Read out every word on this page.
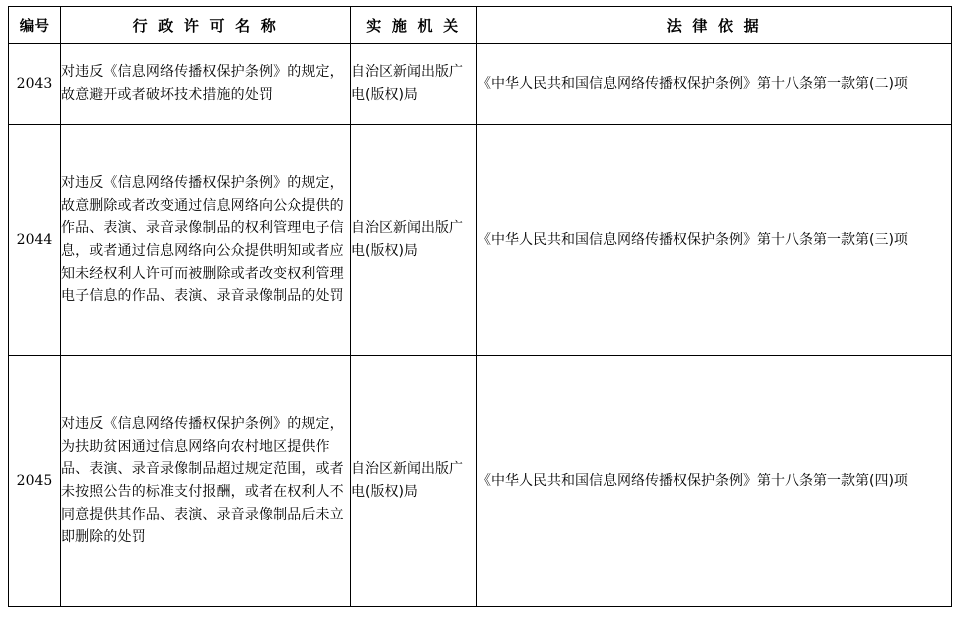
编号	行 政 许 可 名 称	实 施 机 关	法 律 依 据
2043	对违反《信息网络传播权保护条例》的规定，故意避开或者破坏技术措施的处罚	自治区新闻出版广电(版权)局	《中华人民共和国信息网络传播权保护条例》第十八条第一款第(二)项
2044	对违反《信息网络传播权保护条例》的规定，故意删除或者改变通过信息网络向公众提供的作品、表演、录音录像制品的权利管理电子信息，或者通过信息网络向公众提供明知或者应知未经权利人许可而被删除或者改变权利管理电子信息的作品、表演、录音录像制品的处罚	自治区新闻出版广电(版权)局	《中华人民共和国信息网络传播权保护条例》第十八条第一款第(三)项
2045	对违反《信息网络传播权保护条例》的规定，为扶助贫困通过信息网络向农村地区提供作品、表演、录音录像制品超过规定范围，或者未按照公告的标准支付报酬，或者在权利人不同意提供其作品、表演、录音录像制品后未立即删除的处罚	自治区新闻出版广电(版权)局	《中华人民共和国信息网络传播权保护条例》第十八条第一款第(四)项
